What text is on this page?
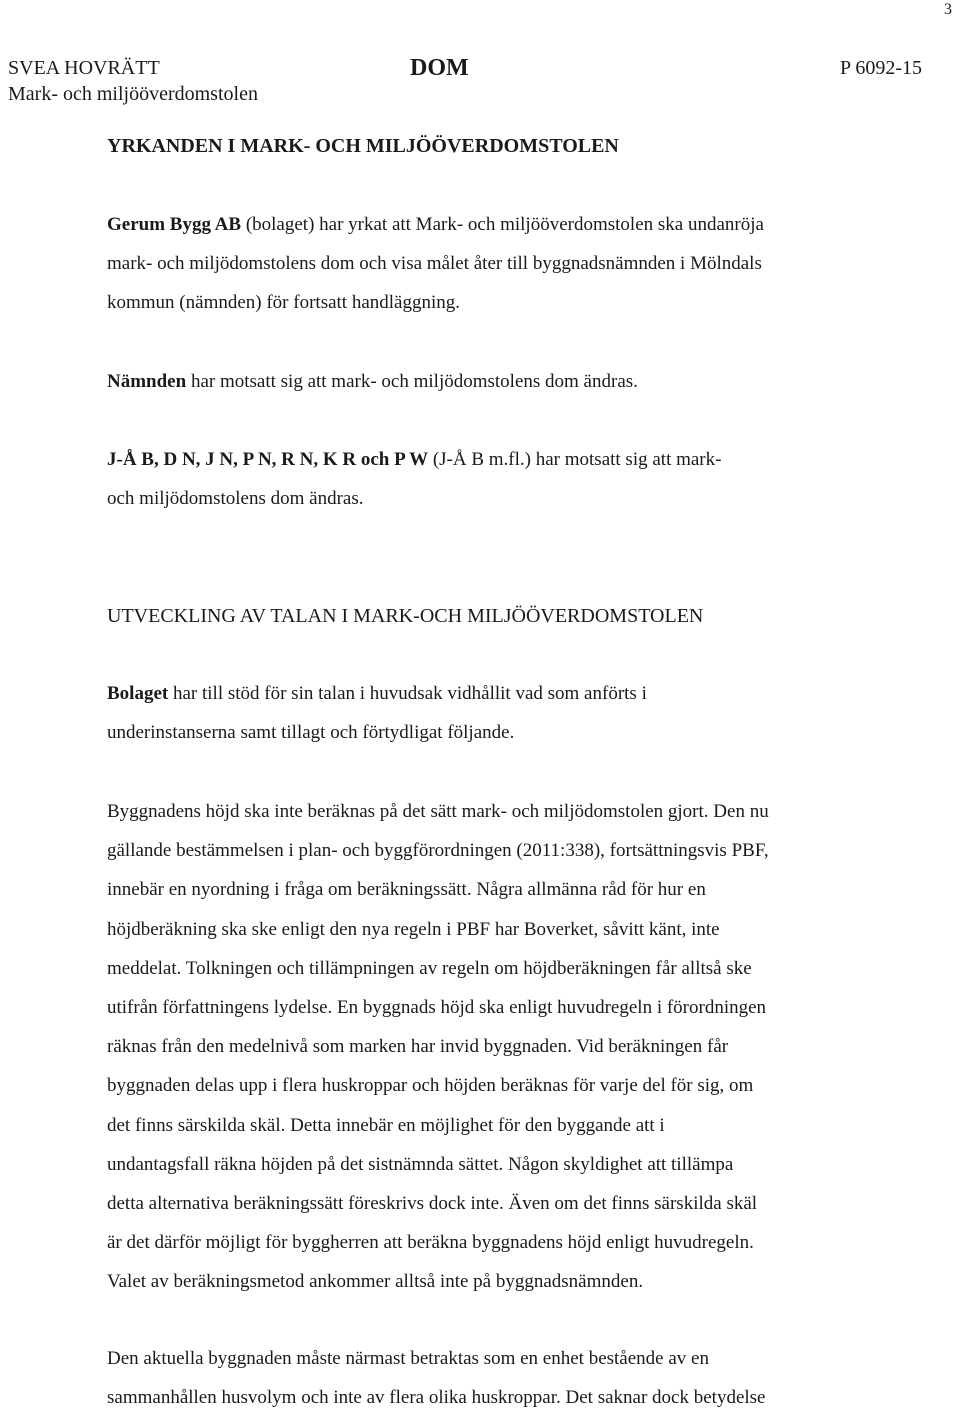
3
SVEA HOVRÄTT
Mark- och miljööverdomstolen
DOM	P 6092-15
YRKANDEN I MARK- OCH MILJÖÖVERDOMSTOLEN

Gerum Bygg AB (bolaget) har yrkat att Mark- och miljööverdomstolen ska undanröja

mark- och miljödomstolens dom och visa målet åter till byggnadsnämnden i Mölndals

kommun (nämnden) för fortsatt handläggning.

Nämnden har motsatt sig att mark- och miljödomstolens dom ändras.

J-Å B, D N, J N, P N, R N, K R och P W (J-Å B m.fl.) har motsatt sig att mark-

och miljödomstolens dom ändras.

UTVECKLING AV TALAN I MARK-OCH MILJÖÖVERDOMSTOLEN

Bolaget har till stöd för sin talan i huvudsak vidhållit vad som anförts i

underinstanserna samt tillagt och förtydligat följande.

Byggnadens höjd ska inte beräknas på det sätt mark- och miljödomstolen gjort. Den nu

gällande bestämmelsen i plan- och byggförordningen (2011:338), fortsättningsvis PBF,

innebär en nyordning i fråga om beräkningssätt. Några allmänna råd för hur en

höjdberäkning ska ske enligt den nya regeln i PBF har Boverket, såvitt känt, inte

meddelat. Tolkningen och tillämpningen av regeln om höjdberäkningen får alltså ske

utifrån författningens lydelse. En byggnads höjd ska enligt huvudregeln i förordningen

räknas från den medelnivå som marken har invid byggnaden. Vid beräkningen får

byggnaden delas upp i flera huskroppar och höjden beräknas för varje del för sig, om

det finns särskilda skäl. Detta innebär en möjlighet för den byggande att i

undantagsfall räkna höjden på det sistnämnda sättet. Någon skyldighet att tillämpa

detta alternativa beräkningssätt föreskrivs dock inte. Även om det finns särskilda skäl

är det därför möjligt för byggherren att beräkna byggnadens höjd enligt huvudregeln.

Valet av beräkningsmetod ankommer alltså inte på byggnadsnämnden.

Den aktuella byggnaden måste närmast betraktas som en enhet bestående av en

sammanhållen husvolym och inte av flera olika huskroppar. Det saknar dock betydelse
